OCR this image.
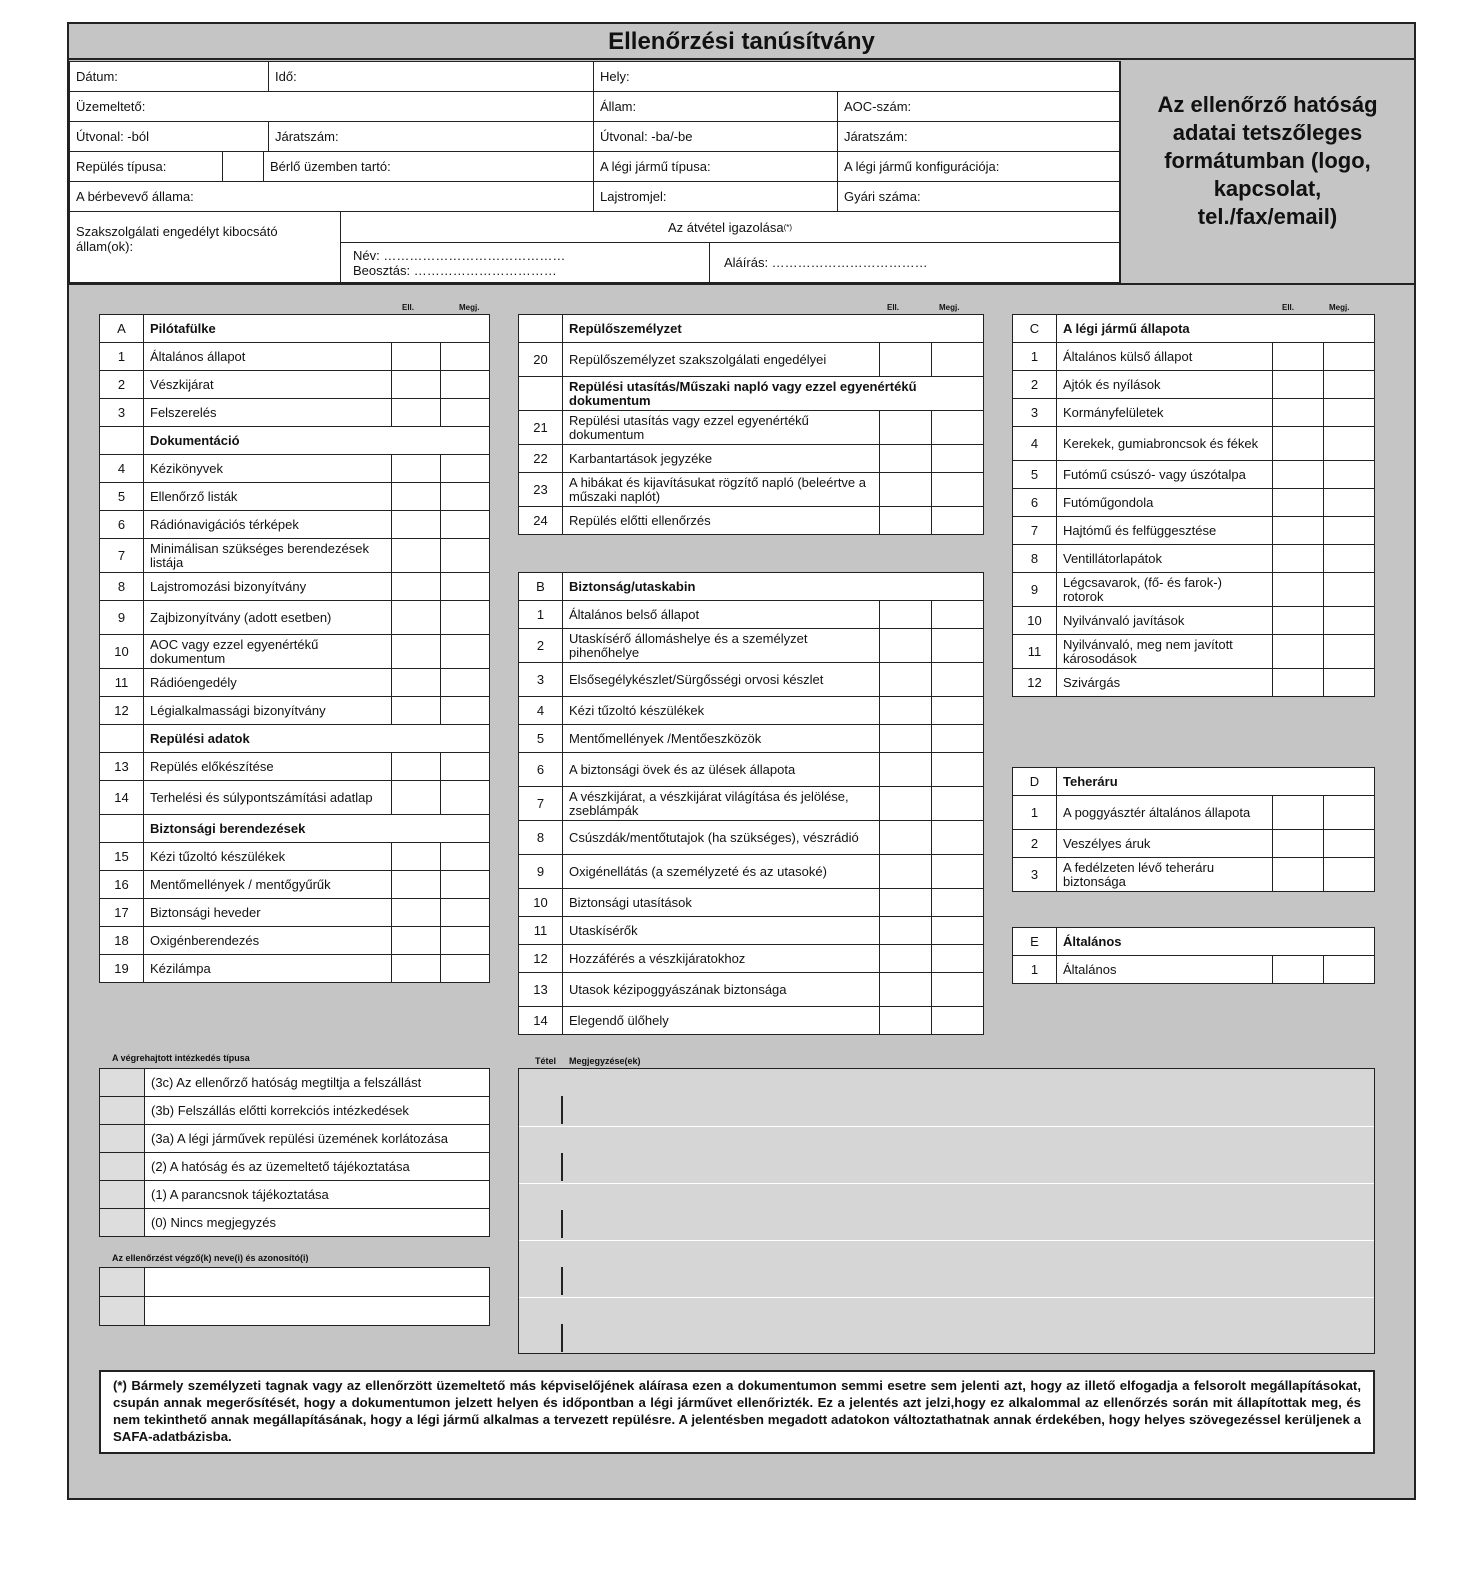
Ellenőrzési tanúsítvány
Dátum:	Idő:	Hely:
Üzemeltető:	Állam:	AOC-szám:
Útvonal: -ból	Járatszám:	Útvonal: -ba/-be	Járatszám:
Repülés típusa:	Bérlő üzemben tartó:	A légi jármű típusa:	A légi jármű konfigurációja:
A bérbevevő állama:	Lajstromjel:	Gyári száma:
Szakszolgálati engedélyt kibocsátó állam(ok):
Az átvétel igazolása (*)
Név: ……………………………………
Beosztás: ……………………………	Aláírás: ………………………………
Az ellenőrző hatóság adatai tetszőleges formátumban (logo, kapcsolat, tel./fax/email)
Ell.	Megj.	Ell.	Megj.	Ell.	Megj.
A	Pilótafülke		
1	Általános állapot		
2	Vészkijárat		
3	Felszerelés		
	Dokumentáció		
4	Kézikönyvek		
5	Ellenőrző listák		
6	Rádiónavigációs térképek		
7	Minimálisan szükséges berendezések listája		
8	Lajstromozási bizonyítvány		
9	Zajbizonyítvány (adott esetben)		
10	AOC vagy ezzel egyenértékű dokumentum		
11	Rádióengedély		
12	Légialkalmassági bizonyítvány		
	Repülési adatok		
13	Repülés előkészítése		
14	Terhelési és súlypontszámítási adatlap		
	Biztonsági berendezések		
15	Kézi tűzoltó készülékek		
16	Mentőmellények / mentőgyűrűk		
17	Biztonsági heveder		
18	Oxigénberendezés		
19	Kézilámpa		
	Repülőszemélyzet		
20	Repülőszemélyzet szakszolgálati engedélyei		
	Repülési utasítás/Műszaki napló vagy ezzel egyenértékű dokumentum		
21	Repülési utasítás vagy ezzel egyenértékű dokumentum		
22	Karbantartások jegyzéke		
23	A hibákat és kijavításukat rögzítő napló (beleértve a műszaki naplót)		
24	Repülés előtti ellenőrzés		
B	Biztonság/utaskabin		
1	Általános belső állapot		
2	Utaskísérő állomáshelye és a személyzet pihenőhelye		
3	Elsősegélykészlet/Sürgősségi orvosi készlet		
4	Kézi tűzoltó készülékek		
5	Mentőmellények /Mentőeszközök		
6	A biztonsági övek és az ülések állapota		
7	A vészkijárat, a vészkijárat világítása és jelölése, zseblámpák		
8	Csúszdák/mentőtutajok (ha szükséges), vészrádió		
9	Oxigénellátás (a személyzeté és az utasoké)		
10	Biztonsági utasítások		
11	Utaskísérők		
12	Hozzáférés a vészkijáratokhoz		
13	Utasok kézipoggyászának biztonsága		
14	Elegendő ülőhely		
C	A légi jármű állapota		
1	Általános külső állapot		
2	Ajtók és nyílások		
3	Kormányfelületek		
4	Kerekek, gumiabroncsok és fékek		
5	Futómű csúszó- vagy úszótalpa		
6	Futóműgondola		
7	Hajtómű és felfüggesztése		
8	Ventillátorlapátok		
9	Légcsavarok, (fő- és farok-) rotorok		
10	Nyilvánvaló javítások		
11	Nyilvánvaló, meg nem javított károsodások		
12	Szivárgás		
D	Teheráru		
1	A poggyásztér általános állapota		
2	Veszélyes áruk		
3	A fedélzeten lévő teheráru biztonsága		
E	Általános		
1	Általános		
A végrehajtott intézkedés típusa
	(3c) Az ellenőrző hatóság megtiltja a felszállást
	(3b) Felszállás előtti korrekciós intézkedések
	(3a) A légi járművek repülési üzemének korlátozása
	(2) A hatóság és az üzemeltető tájékoztatása
	(1) A parancsnok tájékoztatása
	(0) Nincs megjegyzés
Az ellenőrzést végző(k) neve(i) és azonosító(i)

Tétel Megjegyzése(ek)
(*) Bármely személyzeti tagnak vagy az ellenőrzött üzemeltető más képviselőjének aláírasa ezen a dokumentumon semmi esetre sem jelenti azt, hogy az illető elfogadja a felsorolt megállapításokat, csupán annak megerősítését, hogy a dokumentumon jelzett helyen és időpontban a légi járművet ellenőrizték. Ez a jelentés azt jelzi,hogy ez alkalommal az ellenőrzés során mit állapítottak meg, és nem tekinthető annak megállapításának, hogy a légi jármű alkalmas a tervezett repülésre. A jelentésben megadott adatokon változtathatnak annak érdekében, hogy helyes szövegezéssel kerüljenek a SAFA-adatbázisba.
